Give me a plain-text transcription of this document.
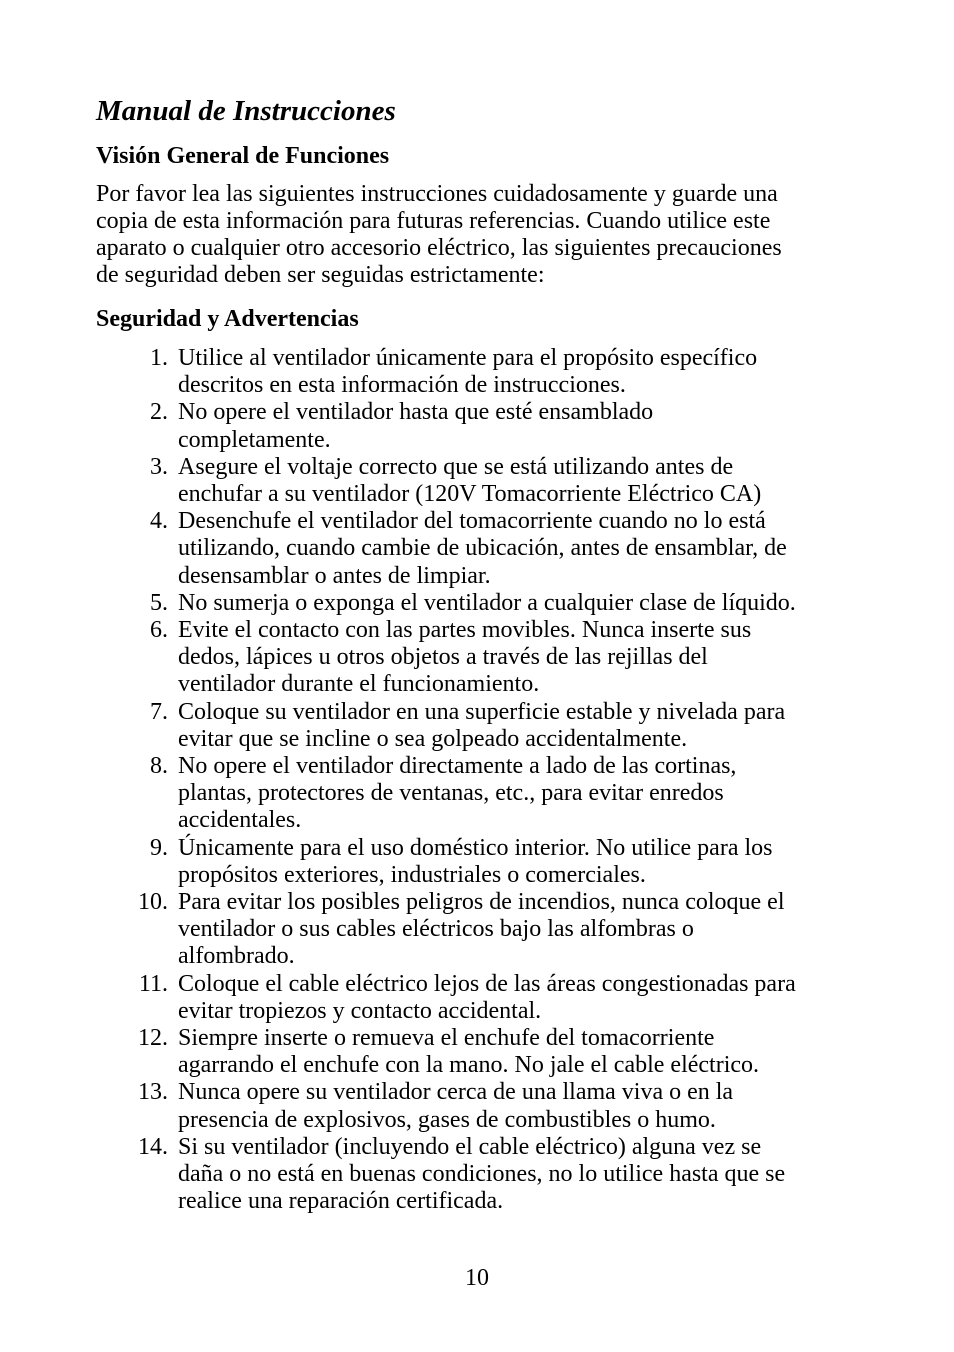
Manual de Instrucciones
Visión General de Funciones

Por favor lea las siguientes instrucciones cuidadosamente y guarde una
copia de esta información para futuras referencias. Cuando utilice este
aparato o cualquier otro accesorio eléctrico, las siguientes precauciones
de seguridad deben ser seguidas estrictamente:

Seguridad y Advertencias
1. Utilice al ventilador únicamente para el propósito específico
descritos en esta información de instrucciones.
2. No opere el ventilador hasta que esté ensamblado
completamente.
3. Asegure el voltaje correcto que se está utilizando antes de
enchufar a su ventilador (120V Tomacorriente Eléctrico CA)
4. Desenchufe el ventilador del tomacorriente cuando no lo está
utilizando, cuando cambie de ubicación, antes de ensamblar, de
desensamblar o antes de limpiar.
5. No sumerja o exponga el ventilador a cualquier clase de líquido.
6. Evite el contacto con las partes movibles. Nunca inserte sus
dedos, lápices u otros objetos a través de las rejillas del
ventilador durante el funcionamiento.
7. Coloque su ventilador en una superficie estable y nivelada para
evitar que se incline o sea golpeado accidentalmente.
8. No opere el ventilador directamente a lado de las cortinas,
plantas, protectores de ventanas, etc., para evitar enredos
accidentales.
9. Únicamente para el uso doméstico interior. No utilice para los
propósitos exteriores, industriales o comerciales.
10. Para evitar los posibles peligros de incendios, nunca coloque el
ventilador o sus cables eléctricos bajo las alfombras o
alfombrado.
11. Coloque el cable eléctrico lejos de las áreas congestionadas para
evitar tropiezos y contacto accidental.
12. Siempre inserte o remueva el enchufe del tomacorriente
agarrando el enchufe con la mano. No jale el cable eléctrico.
13. Nunca opere su ventilador cerca de una llama viva o en la
presencia de explosivos, gases de combustibles o humo.
14. Si su ventilador (incluyendo el cable eléctrico) alguna vez se
daña o no está en buenas condiciones, no lo utilice hasta que se
realice una reparación certificada.

10
